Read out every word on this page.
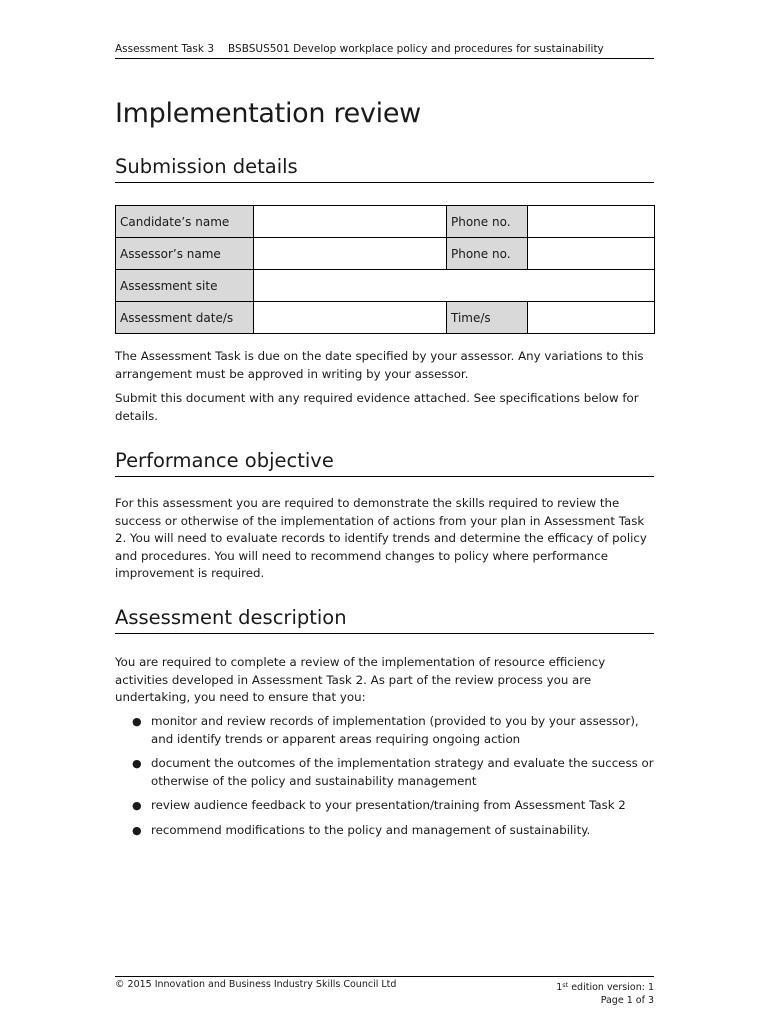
Assessment Task 3 BSBSUS501 Develop workplace policy and procedures for sustainability
Implementation review
Submission details
Candidate’s name		Phone no.	
Assessor’s name		Phone no.	
Assessment site			
Assessment date/s		Time/s	

The Assessment Task is due on the date specified by your assessor. Any variations to this arrangement must be approved in writing by your assessor.

Submit this document with any required evidence attached. See specifications below for details.

Performance objective

For this assessment you are required to demonstrate the skills required to review the success or otherwise of the implementation of actions from your plan in Assessment Task 2. You will need to evaluate records to identify trends and determine the efficacy of policy and procedures. You will need to recommend changes to policy where performance improvement is required.

Assessment description

You are required to complete a review of the implementation of resource efficiency activities developed in Assessment Task 2. As part of the review process you are undertaking, you need to ensure that you:

● monitor and review records of implementation (provided to you by your assessor), and identify trends or apparent areas requiring ongoing action
● document the outcomes of the implementation strategy and evaluate the success or otherwise of the policy and sustainability management
● review audience feedback to your presentation/training from Assessment Task 2
● recommend modifications to the policy and management of sustainability.
© 2015 Innovation and Business Industry Skills Council Ltd	1st edition version: 1
Page 1 of 3
